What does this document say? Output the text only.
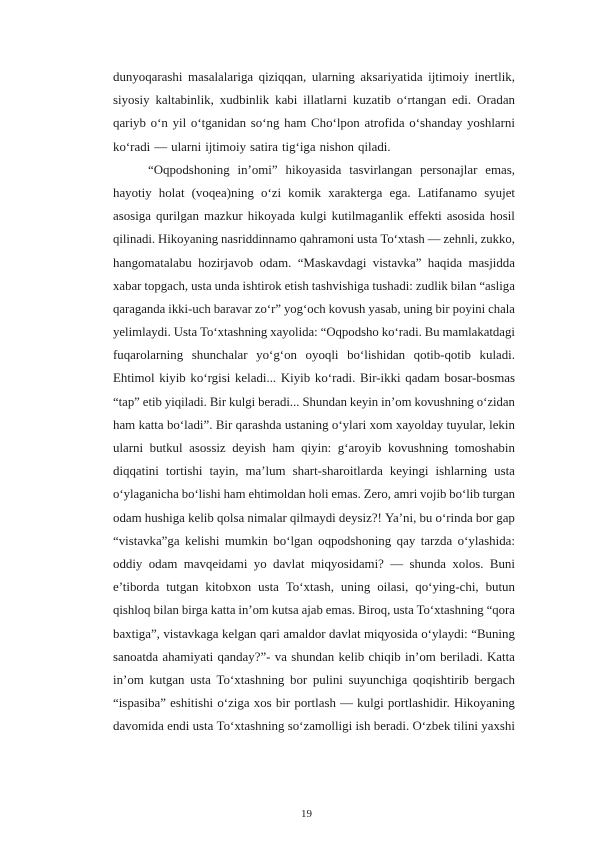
dunyoqarashi masalalariga qiziqqan, ularning aksariyatida ijtimoiy inertlik,
siyosiy kaltabinlik, xudbinlik kabi illatlarni kuzatib o‘rtangan edi. Oradan
qariyb o‘n yil o‘tganidan so‘ng ham Cho‘lpon atrofida o‘shanday yoshlarni
ko‘radi — ularni ijtimoiy satira tig‘iga nishon qiladi.
“Oqpodshoning in’omi” hikoyasida tasvirlangan personajlar emas,
hayotiy holat (voqea)ning o‘zi komik xarakterga ega. Latifanamo syujet
asosiga qurilgan mazkur hikoyada kulgi kutilmaganlik effekti asosida hosil
qilinadi. Hikoyaning nasriddinnamo qahramoni usta To‘xtash — zehnli, zukko,
hangomatalabu hozirjavob odam. “Maskavdagi vistavka” haqida masjidda
xabar topgach, usta unda ishtirok etish tashvishiga tushadi: zudlik bilan “asliga
qaraganda ikki-uch baravar zo‘r” yog‘och kovush yasab, uning bir poyini chala
yelimlaydi. Usta To‘xtashning xayolida: “Oqpodsho ko‘radi. Bu mamlakatdagi
fuqarolarning shunchalar yo‘g‘on oyoqli bo‘lishidan qotib-qotib kuladi.
Ehtimol kiyib ko‘rgisi keladi... Kiyib ko‘radi. Bir-ikki qadam bosar-bosmas
“tap” etib yiqiladi. Bir kulgi beradi... Shundan keyin in’om kovushning o‘zidan
ham katta bo‘ladi”. Bir qarashda ustaning o‘ylari xom xayolday tuyular, lekin
ularni butkul asossiz deyish ham qiyin: g‘aroyib kovushning tomoshabin
diqqatini tortishi tayin, ma’lum shart-sharoitlarda keyingi ishlarning usta
o‘ylaganicha bo‘lishi ham ehtimoldan holi emas. Zero, amri vojib bo‘lib turgan
odam hushiga kelib qolsa nimalar qilmaydi deysiz?! Ya’ni, bu o‘rinda bor gap
“vistavka”ga kelishi mumkin bo‘lgan oqpodshoning qay tarzda o‘ylashida:
oddiy odam mavqeidami yo davlat miqyosidami? — shunda xolos. Buni
e’tiborda tutgan kitobxon usta To‘xtash, uning oilasi, qo‘ying-chi, butun
qishloq bilan birga katta in’om kutsa ajab emas. Biroq, usta To‘xtashning “qora
baxtiga”, vistavkaga kelgan qari amaldor davlat miqyosida o‘ylaydi: “Buning
sanoatda ahamiyati qanday?”- va shundan kelib chiqib in’om beriladi. Katta
in’om kutgan usta To‘xtashning bor pulini suyunchiga qoqishtirib bergach
“ispasiba” eshitishi o‘ziga xos bir portlash — kulgi portlashidir. Hikoyaning
davomida endi usta To‘xtashning so‘zamolligi ish beradi. O‘zbek tilini yaxshi
19
